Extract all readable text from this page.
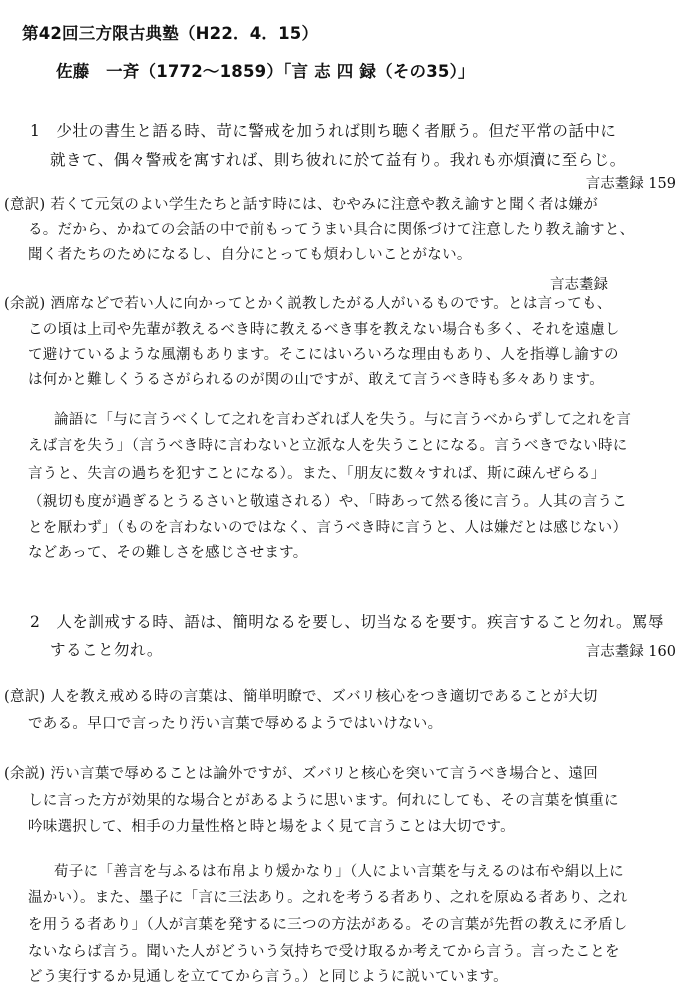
第42回三方限古典塾（H22．4．15）
佐藤　一斉（1772～1859）「言 志 四 録（その35）」
1　少壮の書生と語る時、苛に警戒を加うれば則ち聴く者厭う。但だ平常の話中に
就きて、偶々警戒を寓すれば、則ち彼れに於て益有り。我れも亦煩瀆に至らじ。
言志耋録 159
(意訳) 若くて元気のよい学生たちと話す時には、むやみに注意や教え諭すと聞く者は嫌が
る。だから、かねての会話の中で前もってうまい具合に関係づけて注意したり教え諭すと、
聞く者たちのためになるし、自分にとっても煩わしいことがない。
言志耋録
(余説) 酒席などで若い人に向かってとかく説教したがる人がいるものです。とは言っても、
この頃は上司や先輩が教えるべき時に教えるべき事を教えない場合も多く、それを遠慮し
て避けているような風潮もあります。そこにはいろいろな理由もあり、人を指導し諭すの
は何かと難しくうるさがられるのが関の山ですが、敢えて言うべき時も多々あります。
論語に「与に言うべくして之れを言わざれば人を失う。与に言うべからずして之れを言
えば言を失う」（言うべき時に言わないと立派な人を失うことになる。言うべきでない時に
言うと、失言の過ちを犯すことになる）。また、「朋友に数々すれば、斯に疎んぜらる」
（親切も度が過ぎるとうるさいと敬遠される）や、「時あって然る後に言う。人其の言うこ
とを厭わず」（ものを言わないのではなく、言うべき時に言うと、人は嫌だとは感じない）
などあって、その難しさを感じさせます。
2　人を訓戒する時、語は、簡明なるを要し、切当なるを要す。疾言すること勿れ。罵辱
すること勿れ。	言志耋録 160
(意訳) 人を教え戒める時の言葉は、簡単明瞭で、ズバリ核心をつき適切であることが大切
である。早口で言ったり汚い言葉で辱めるようではいけない。
(余説) 汚い言葉で辱めることは論外ですが、ズバリと核心を突いて言うべき場合と、遠回
しに言った方が効果的な場合とがあるように思います。何れにしても、その言葉を慎重に
吟味選択して、相手の力量性格と時と場をよく見て言うことは大切です。
荀子に「善言を与ふるは布帛より煖かなり」（人によい言葉を与えるのは布や絹以上に
温かい）。また、墨子に「言に三法あり。之れを考うる者あり、之れを原ぬる者あり、之れ
を用うる者あり」（人が言葉を発するに三つの方法がある。その言葉が先哲の教えに矛盾し
ないならば言う。聞いた人がどういう気持ちで受け取るか考えてから言う。言ったことを
どう実行するか見通しを立ててから言う。）と同じように説いています。
